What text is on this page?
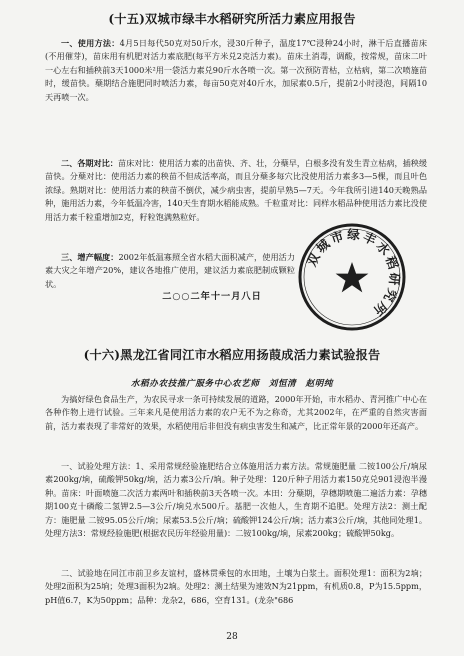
(十五)双城市绿丰水稻研究所活力素应用报告
一、使用方法：4月5日每代50克对50斤水，浸30斤种子，温度17℃浸种24小时，淋干后直播苗床(不用催芽)，苗床用有机肥对活力素底肥(每平方米兑2克活力素)。苗床土消毒，调酸，按常规，苗床二叶一心左右和插秧前3天1000米²用一袋活力素兑90斤水各喷一次。第一次预防青枯，立枯病，第二次喷施苗时，缓苗快。蘖期结合施肥同时喷活力素，每亩50克对40斤水，加尿素0.5斤，提前2小时浸泡，间隔10天再喷一次。
二、各期对比：苗床对比：使用活力素的出苗快、齐、壮，分蘖早，白根多没有发生青立枯病，插秧缓苗快。分蘖对比：使用活力素的秧苗不但成活率高，而且分蘖多每穴比没使用活力素多3—5棵，而且叶色浓绿。熟期对比：使用活力素的秧苗不倒伏，减少病虫害，提前早熟5—7天。今年我所引进140天晚熟品种，施用活力素，今年低温冷害，140天生育期水稻能成熟。千粒重对比：同样水稻品种使用活力素比没使用活力素千粒重增加2克，籽粒饱满熟粒好。
三、增产幅度：2002年低温寡照全省水稻大面积减产，使用活力素大灾之年增产20%，建议各地推广使用，建议活力素底肥制成颗粒状。
二○○二年十一月八日
双城市绿丰水稻研究所
(十六)黑龙江省同江市水稻应用扬葭成活力素试验报告
水稻办农技推广服务中心农艺师　刘恒清　赵明纯
为搞好绿色食品生产，为农民寻求一条可持续发展的道路，2000年开始，市水稻办、青河推广中心在各种作物上进行试验。三年来凡是使用活力素的农户无不为之称奇，尤其2002年，在严重的自然灾害面前，活力素表现了非常好的效果，水稻使用后非但没有病虫害发生和减产，比正常年景的2000年还高产。
一、试验处理方法：1、采用常规经验施肥结合立体施用活力素方法。常规施肥量 二铵100公斤/垧尿素200kg/垧，硫酸钾50kg/垧，活力素3公斤/垧。种子处理：120斤种子用活力素150克兑901浸泡半漫种。苗床：叶面喷施二次活力素两叶和插秧前3天各喷一次。本田：分蘖期，孕穗期喷施二遍活力素：孕穗期100克十磷酸二氢钾2.5—3公斤/垧兑水500斤。基肥一次他人，生育期不追肥。处理方法2：测土配方：施肥量 二铵95.05公斤/垧；尿素53.5公斤/垧；硫酸钾124公斤/垧；活力素3公斤/垧，其他同处理1。处理方法3：常规经验施肥(根据农民历年经验用量)：二铵100kg/垧，尿素200kg；硫酸钾50kg。
二、试验地在同江市前卫乡友谊村，盛林贯乘包的水田地，土壤为白浆土。面积处理1：面积为2垧；处理2面积为25垧；处理3面积为2垧。处理2：测土结果为速效N为21ppm，有机质0.8，P为15.5ppm，pH值6.7，K为50ppm；品种：龙杂2，686，空育131。(龙杂"686
28
